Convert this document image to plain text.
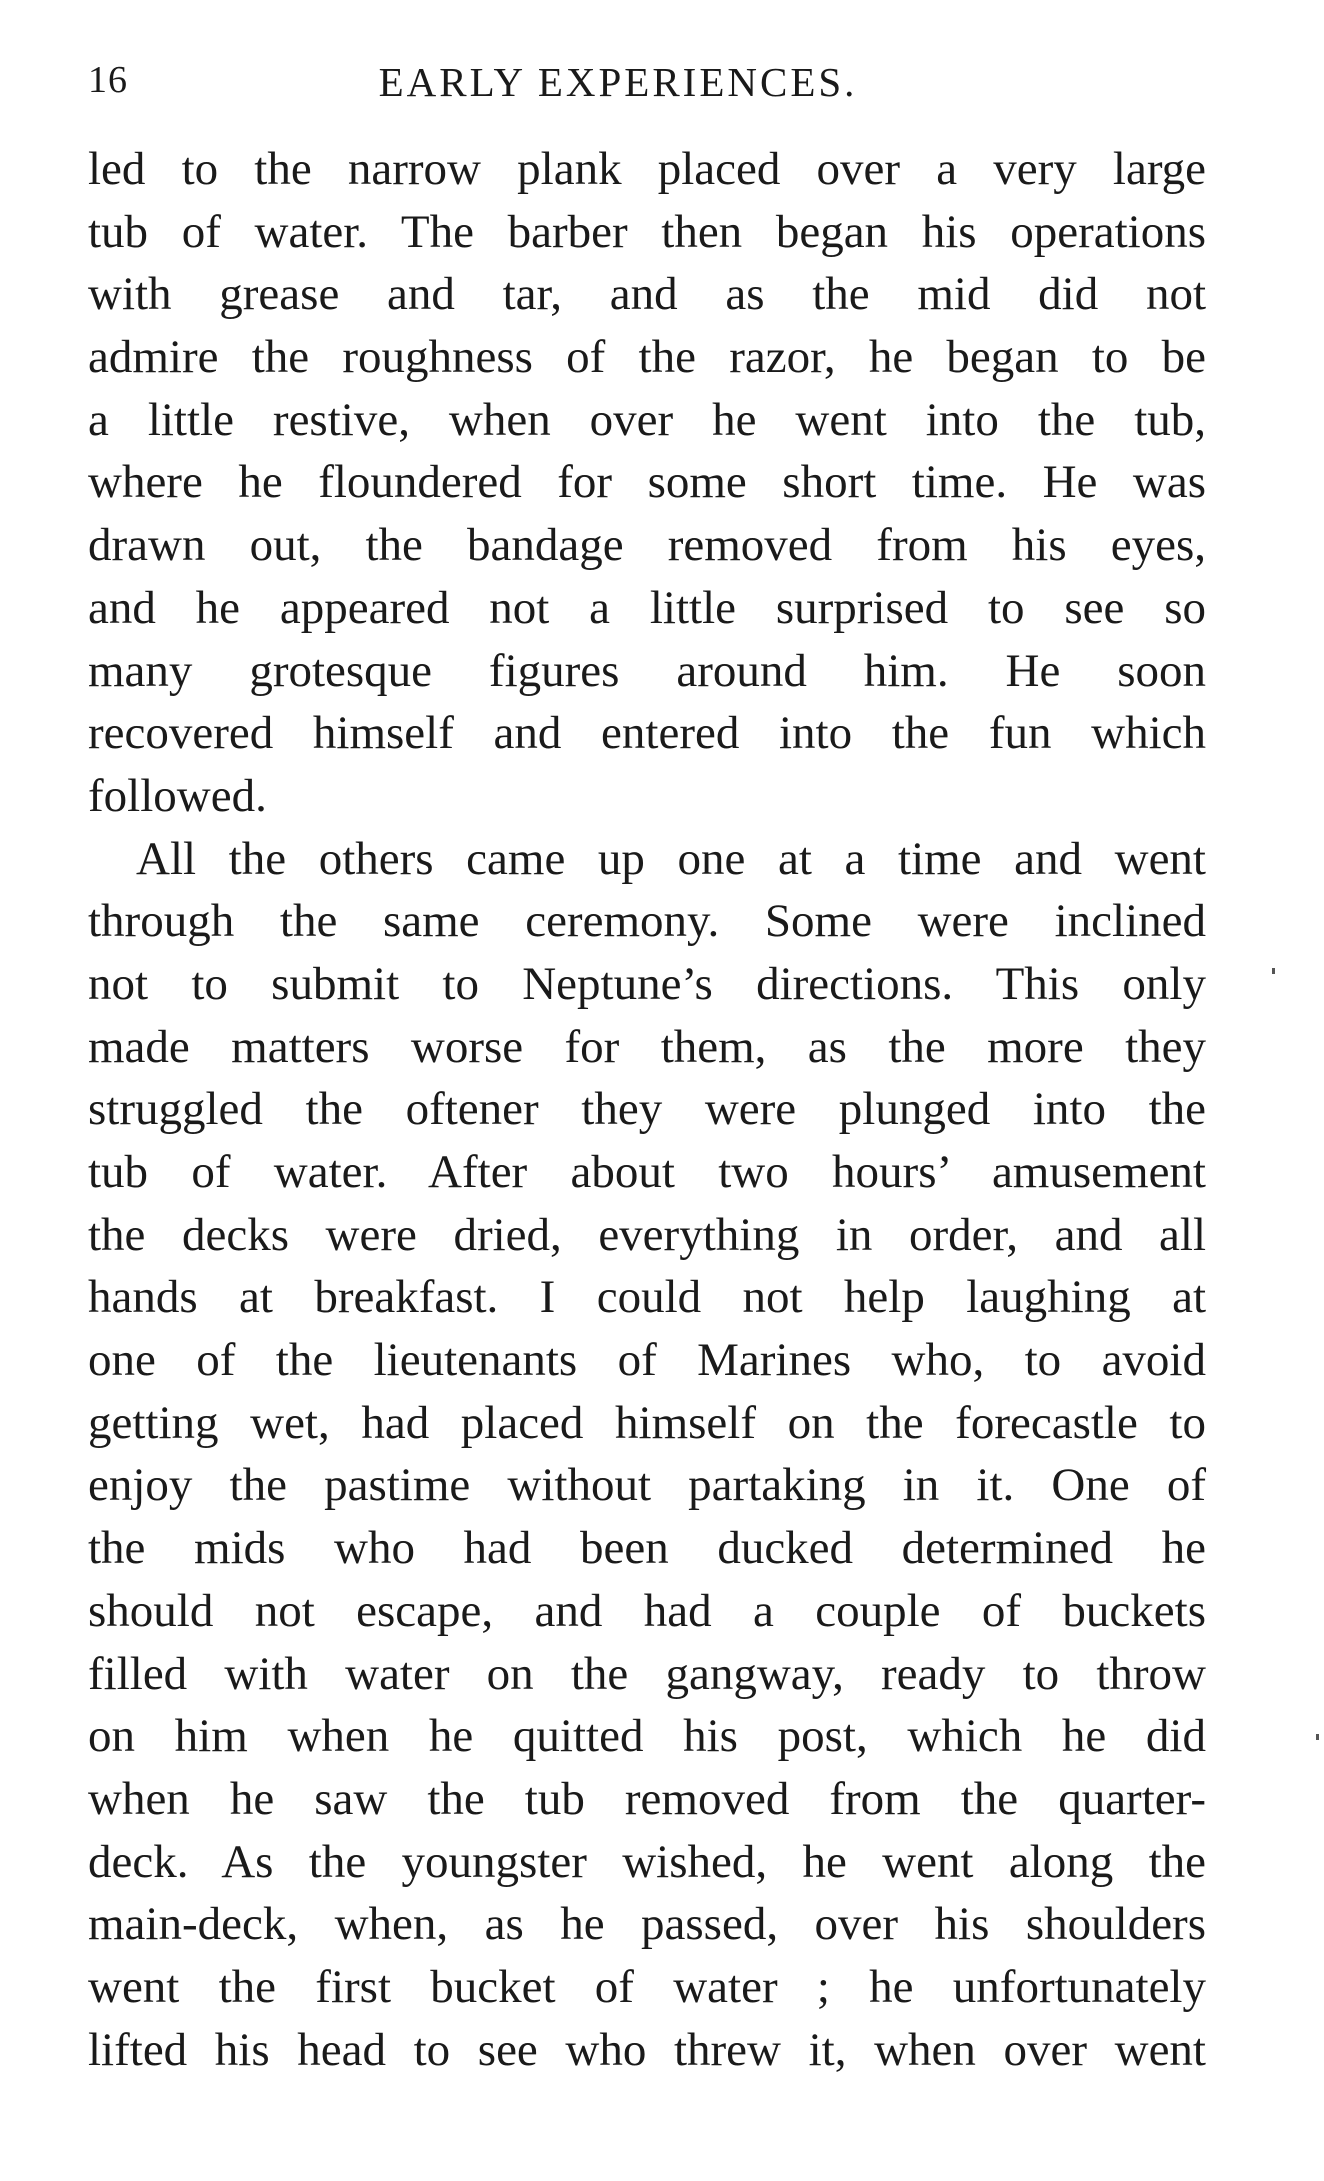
16	EARLY EXPERIENCES.
led to the narrow plank placed over a very large
tub of water. The barber then began his operations
with grease and tar, and as the mid did not
admire the roughness of the razor, he began to be
a little restive, when over he went into the tub,
where he floundered for some short time. He was
drawn out, the bandage removed from his eyes,
and he appeared not a little surprised to see so
many grotesque figures around him. He soon
recovered himself and entered into the fun which
followed.
All the others came up one at a time and went
through the same ceremony. Some were inclined
not to submit to Neptune’s directions. This only
made matters worse for them, as the more they
struggled the oftener they were plunged into the
tub of water. After about two hours’ amusement
the decks were dried, everything in order, and all
hands at breakfast. I could not help laughing at
one of the lieutenants of Marines who, to avoid
getting wet, had placed himself on the forecastle to
enjoy the pastime without partaking in it. One of
the mids who had been ducked determined he
should not escape, and had a couple of buckets
filled with water on the gangway, ready to throw
on him when he quitted his post, which he did
when he saw the tub removed from the quarter-
deck. As the youngster wished, he went along the
main-deck, when, as he passed, over his shoulders
went the first bucket of water ; he unfortunately
lifted his head to see who threw it, when over went
